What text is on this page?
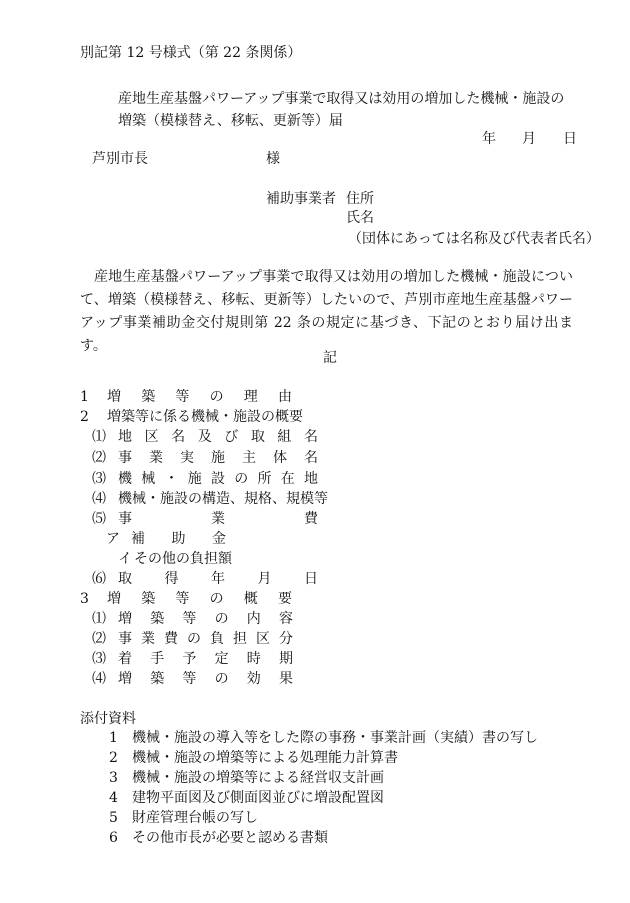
別記第 12 号様式（第 22 条関係）
産地生産基盤パワーアップ事業で取得又は効用の増加した機械・施設の
増築（模様替え、移転、更新等）届
年 月 日
芦別市長	様
補助事業者 住所
氏名
（団体にあっては名称及び代表者氏名）
産地生産基盤パワーアップ事業で取得又は効用の増加した機械・施設について、増築（模様替え、移転、更新等）したいので、芦別市産地生産基盤パワーアップ事業補助金交付規則第 22 条の規定に基づき、下記のとおり届け出ます。
記
1 増 築 等 の 理 由
2 増築等に係る機械・施設の概要
⑴ 地 区 名 及 び 取 組 名
⑵ 事 業 実 施 主 体 名
⑶ 機 械 ・ 施 設 の 所 在 地
⑷ 機械・施設の構造、規格、規模等
⑸ 事	業	費
ア 補 助 金
イ その他の負担額
⑹ 取 得 年 月 日
3 増 築 等 の 概 要
⑴ 増 築 等 の 内 容
⑵ 事 業 費 の 負 担 区 分
⑶ 着 手 予 定 時 期
⑷ 増 築 等 の 効 果
添付資料
1 機械・施設の導入等をした際の事務・事業計画（実績）書の写し
2 機械・施設の増築等による処理能力計算書
3 機械・施設の増築等による経営収支計画
4 建物平面図及び側面図並びに増設配置図
5 財産管理台帳の写し
6 その他市長が必要と認める書類
